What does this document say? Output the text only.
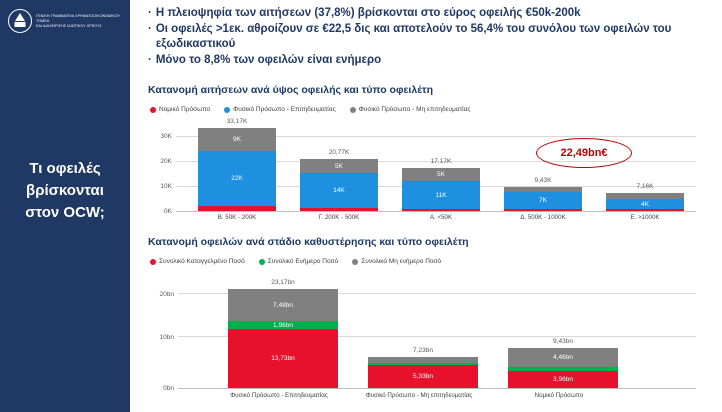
ΓΕΝΙΚΗ ΓΡΑΜΜΑΤΕΙΑ ΧΡΗΜΑΤΟΟΙΚΟΝΟΜΙΚΟΥ ΤΟΜΕΑ
ΚΑΙ ΔΙΑΧΕΙΡΙΣΗΣ ΙΔΙΩΤΙΚΟΥ ΧΡΕΟΥΣ
Τι οφειλές
βρίσκονται
στον OCW;
· Η πλειοψηφία των αιτήσεων (37,8%) βρίσκονται στο εύρος οφειλής €50k-200k
· Οι οφειλές >1εκ. αθροίζουν σε €22,5 δις και αποτελούν το 56,4% του συνόλου των οφειλών του εξωδικαστικού
· Μόνο το 8,8% των οφειλών είναι ενήμερο
Κατανομή αιτήσεων ανά ύψος οφειλής και τύπο οφειλέτη
Νομικό Πρόσωπο	Φυσικό Πρόσωπο - Επιτηδευματίας	Φυσικό Πρόσωπο - Μη επιτηδευματίας
30K
20K
10K
0K
33,17K
9K
22K
20,77K
5K
14K
17,17K
5K
11K
9,43K
7K
7,16K
4K
Β. 50K - 200K	Γ. 200K - 500K	Α. <50K	Δ. 500K - 1000K	Ε. >1000K
22,49bn€
Κατανομή οφειλών ανά στάδιο καθυστέρησης και τύπο οφειλέτη
Συνολικό Καταγγελμένο Ποσό	Συνολικό Ενήμερο Ποσό	Συνολικό Μη ενήμερο Ποσό
20bn
10bn
0bn
23,17bn
7,48bn
1,96bn
13,73bn
7,23bn
5,33bn
9,43bn
4,46bn
3,96bn
Φυσικό Πρόσωπο - Επιτηδευματίας	Φυσικό Πρόσωπο - Μη επιτηδευματίας	Νομικό Πρόσωπο
